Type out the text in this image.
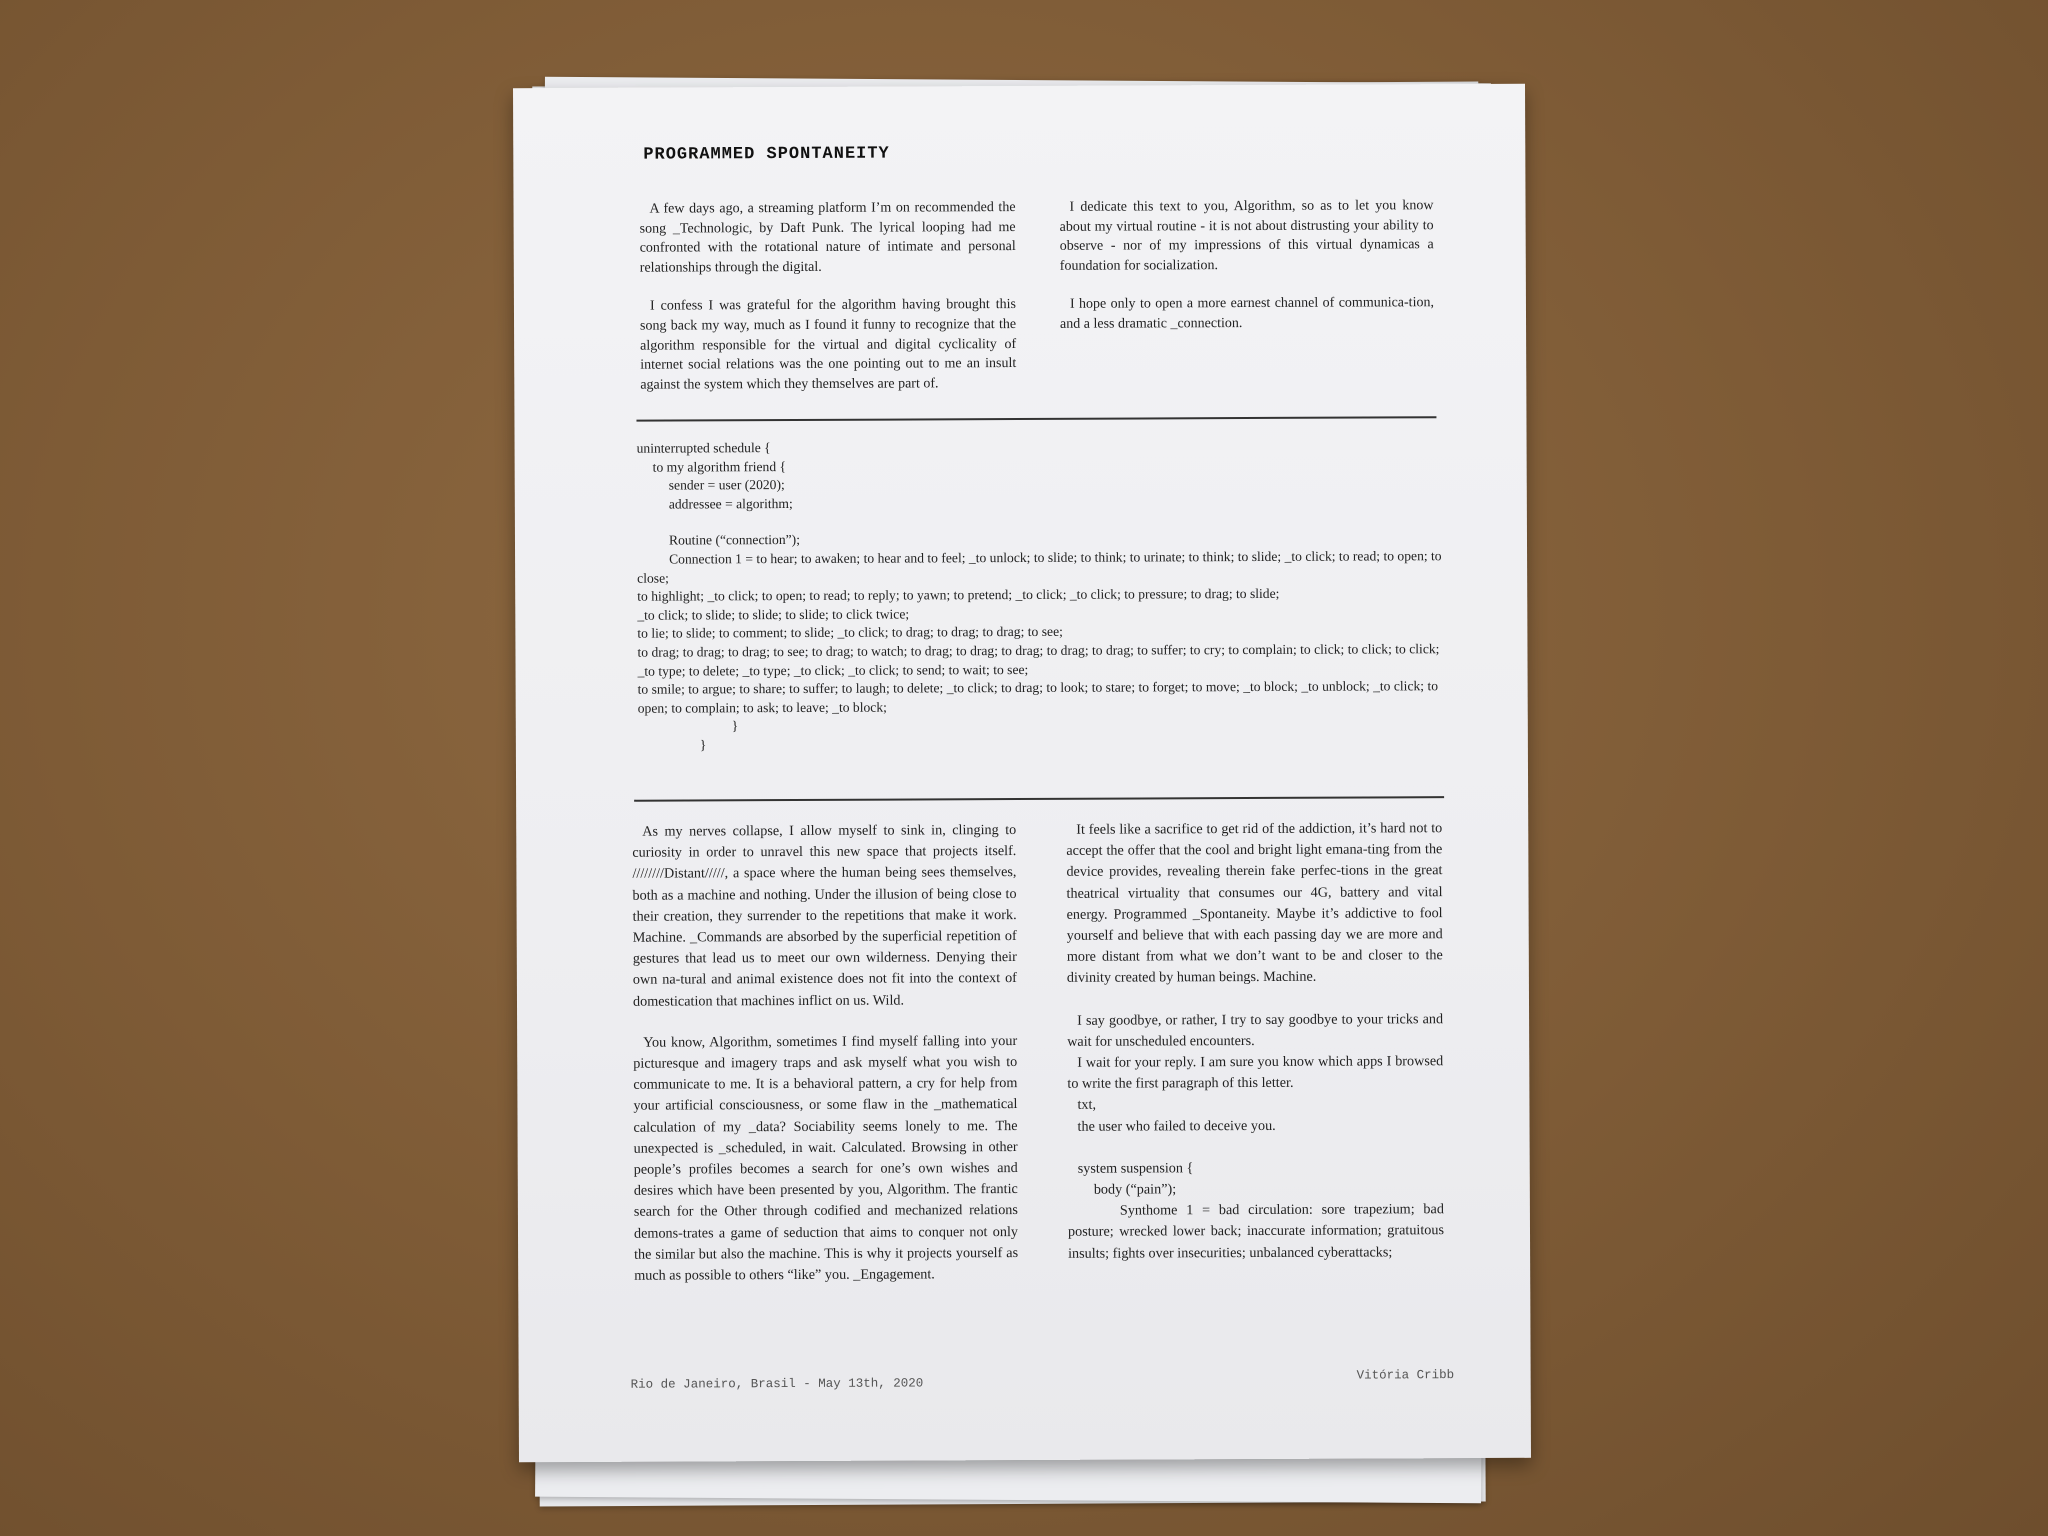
PROGRAMMED SPONTANEITY

A few days ago, a streaming platform I’m on recommended the song _Technologic, by Daft Punk. The lyrical looping had me confronted with the rotational nature of intimate and personal relationships through the digital.

I confess I was grateful for the algorithm having brought this song back my way, much as I found it funny to recognize that the algorithm responsible for the virtual and digital cyclicality of internet social relations was the one pointing out to me an insult against the system which they themselves are part of.

I dedicate this text to you, Algorithm, so as to let you know about my virtual routine - it is not about distrusting your ability to observe - nor of my impressions of this virtual dynamicas a foundation for socialization.

I hope only to open a more earnest channel of communica-tion, and a less dramatic _connection.

uninterrupted schedule {
to my algorithm friend {
sender = user (2020);
addressee = algorithm;
Routine (“connection”);
Connection 1 = to hear; to awaken; to hear and to feel; _to unlock; to slide; to think; to urinate; to think; to slide; _to click; to read; to open; to close;
to highlight; _to click; to open; to read; to reply; to yawn; to pretend; _to click; _to click; to pressure; to drag; to slide;
_to click; to slide; to slide; to slide; to click twice;
to lie; to slide; to comment; to slide; _to click; to drag; to drag; to drag; to see;
to drag; to drag; to drag; to see; to drag; to watch; to drag; to drag; to drag; to drag; to drag; to suffer; to cry; to complain; to click; to click; to click; _to type; to delete; _to type; _to click; _to click; to send; to wait; to see;
to smile; to argue; to share; to suffer; to laugh; to delete; _to click; to drag; to look; to stare; to forget; to move; _to block; _to unblock; _to click; to open; to complain; to ask; to leave; _to block;
}
}

As my nerves collapse, I allow myself to sink in, clinging to curiosity in order to unravel this new space that projects itself. ////////Distant/////, a space where the human being sees themselves, both as a machine and nothing. Under the illusion of being close to their creation, they surrender to the repetitions that make it work. Machine. _Commands are absorbed by the superficial repetition of gestures that lead us to meet our own wilderness. Denying their own na-tural and animal existence does not fit into the context of domestication that machines inflict on us. Wild.

You know, Algorithm, sometimes I find myself falling into your picturesque and imagery traps and ask myself what you wish to communicate to me. It is a behavioral pattern, a cry for help from your artificial consciousness, or some flaw in the _mathematical calculation of my _data? Sociability seems lonely to me. The unexpected is _scheduled, in wait. Calculated. Browsing in other people’s profiles becomes a search for one’s own wishes and desires which have been presented by you, Algorithm. The frantic search for the Other through codified and mechanized relations demons-trates a game of seduction that aims to conquer not only the similar but also the machine. This is why it projects yourself as much as possible to others “like” you. _Engagement.

It feels like a sacrifice to get rid of the addiction, it’s hard not to accept the offer that the cool and bright light emana-ting from the device provides, revealing therein fake perfec-tions in the great theatrical virtuality that consumes our 4G, battery and vital energy. Programmed _Spontaneity. Maybe it’s addictive to fool yourself and believe that with each passing day we are more and more distant from what we don’t want to be and closer to the divinity created by human beings. Machine.

I say goodbye, or rather, I try to say goodbye to your tricks and wait for unscheduled encounters.

I wait for your reply. I am sure you know which apps I browsed to write the first paragraph of this letter.

txt,

the user who failed to deceive you.

system suspension {

body (“pain”);

Synthome 1 = bad circulation: sore trapezium; bad posture; wrecked lower back; inaccurate information; gratuitous insults; fights over insecurities; unbalanced cyberattacks;

Rio de Janeiro, Brasil - May 13th, 2020
Vitória Cribb
